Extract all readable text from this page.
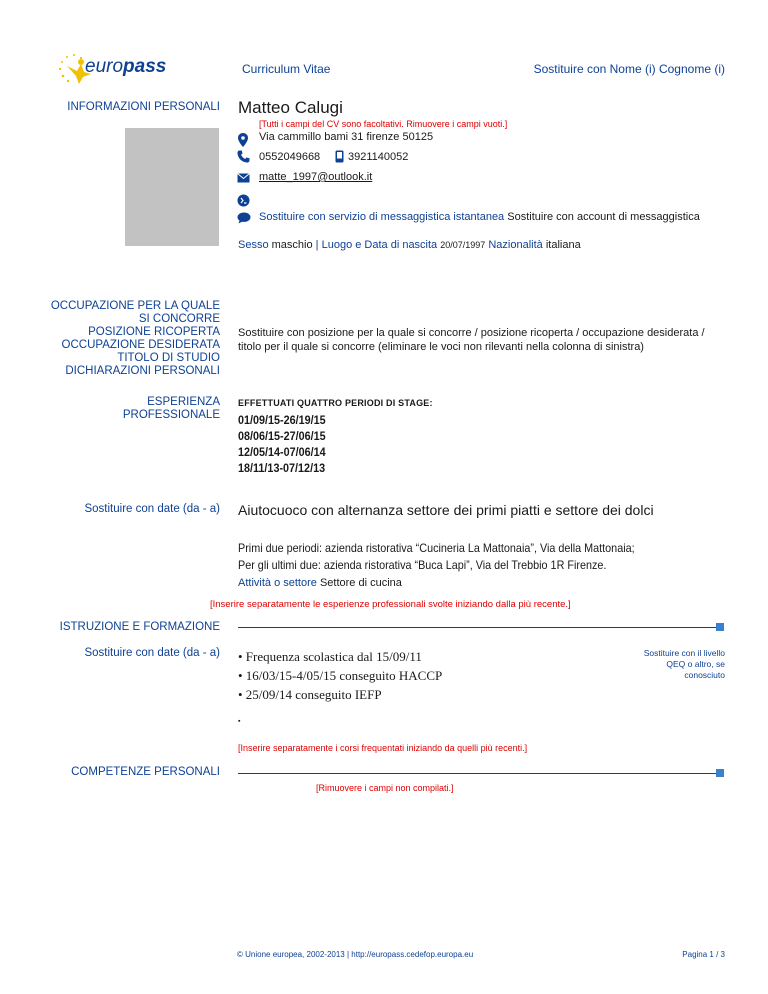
europass	Curriculum Vitae	Sostituire con Nome (i) Cognome (i)
INFORMAZIONI PERSONALI Matteo Calugi
[Tutti i campi del CV sono facoltativi. Rimuovere i campi vuoti.]
Via cammillo bami 31 firenze 50125
0552049668	3921140052
matte_1997@outlook.it
Sostituire con servizio di messaggistica istantanea Sostituire con account di messaggistica
Sesso maschio | Luogo e Data di nascita 20/07/1997 Nazionalità italiana
OCCUPAZIONE PER LA QUALE
SI CONCORRE
POSIZIONE RICOPERTA
OCCUPAZIONE DESIDERATA
TITOLO DI STUDIO
DICHIARAZIONI PERSONALI
Sostituire con posizione per la quale si concorre / posizione ricoperta / occupazione desiderata / titolo per il quale si concorre (eliminare le voci non rilevanti nella colonna di sinistra)
ESPERIENZA
PROFESSIONALE
EFFETTUATI QUATTRO PERIODI DI STAGE:
01/09/15-26/19/15
08/06/15-27/06/15
12/05/14-07/06/14
18/11/13-07/12/13
Sostituire con date (da - a) Aiutocuoco con alternanza settore dei primi piatti e settore dei dolci
Primi due periodi: azienda ristorativa “Cucineria La Mattonaia”, Via della Mattonaia;
Per gli ultimi due: azienda ristorativa “Buca Lapi”, Via del Trebbio 1R Firenze.
Attività o settore Settore di cucina
[Inserire separatamente le esperienze professionali svolte iniziando dalla più recente.]
ISTRUZIONE E FORMAZIONE
Sostituire con date (da - a) • Frequenza scolastica dal 15/09/11
• 16/03/15-4/05/15 conseguito HACCP
• 25/09/14 conseguito IEFP
Sostituire con il livello
QEQ o altro, se
conosciuto
▪
[Inserire separatamente i corsi frequentati iniziando da quelli più recenti.]
COMPETENZE PERSONALI
[Rimuovere i campi non compilati.]
© Unione europea, 2002-2013 | http://europass.cedefop.europa.eu	Pagina 1 / 3
